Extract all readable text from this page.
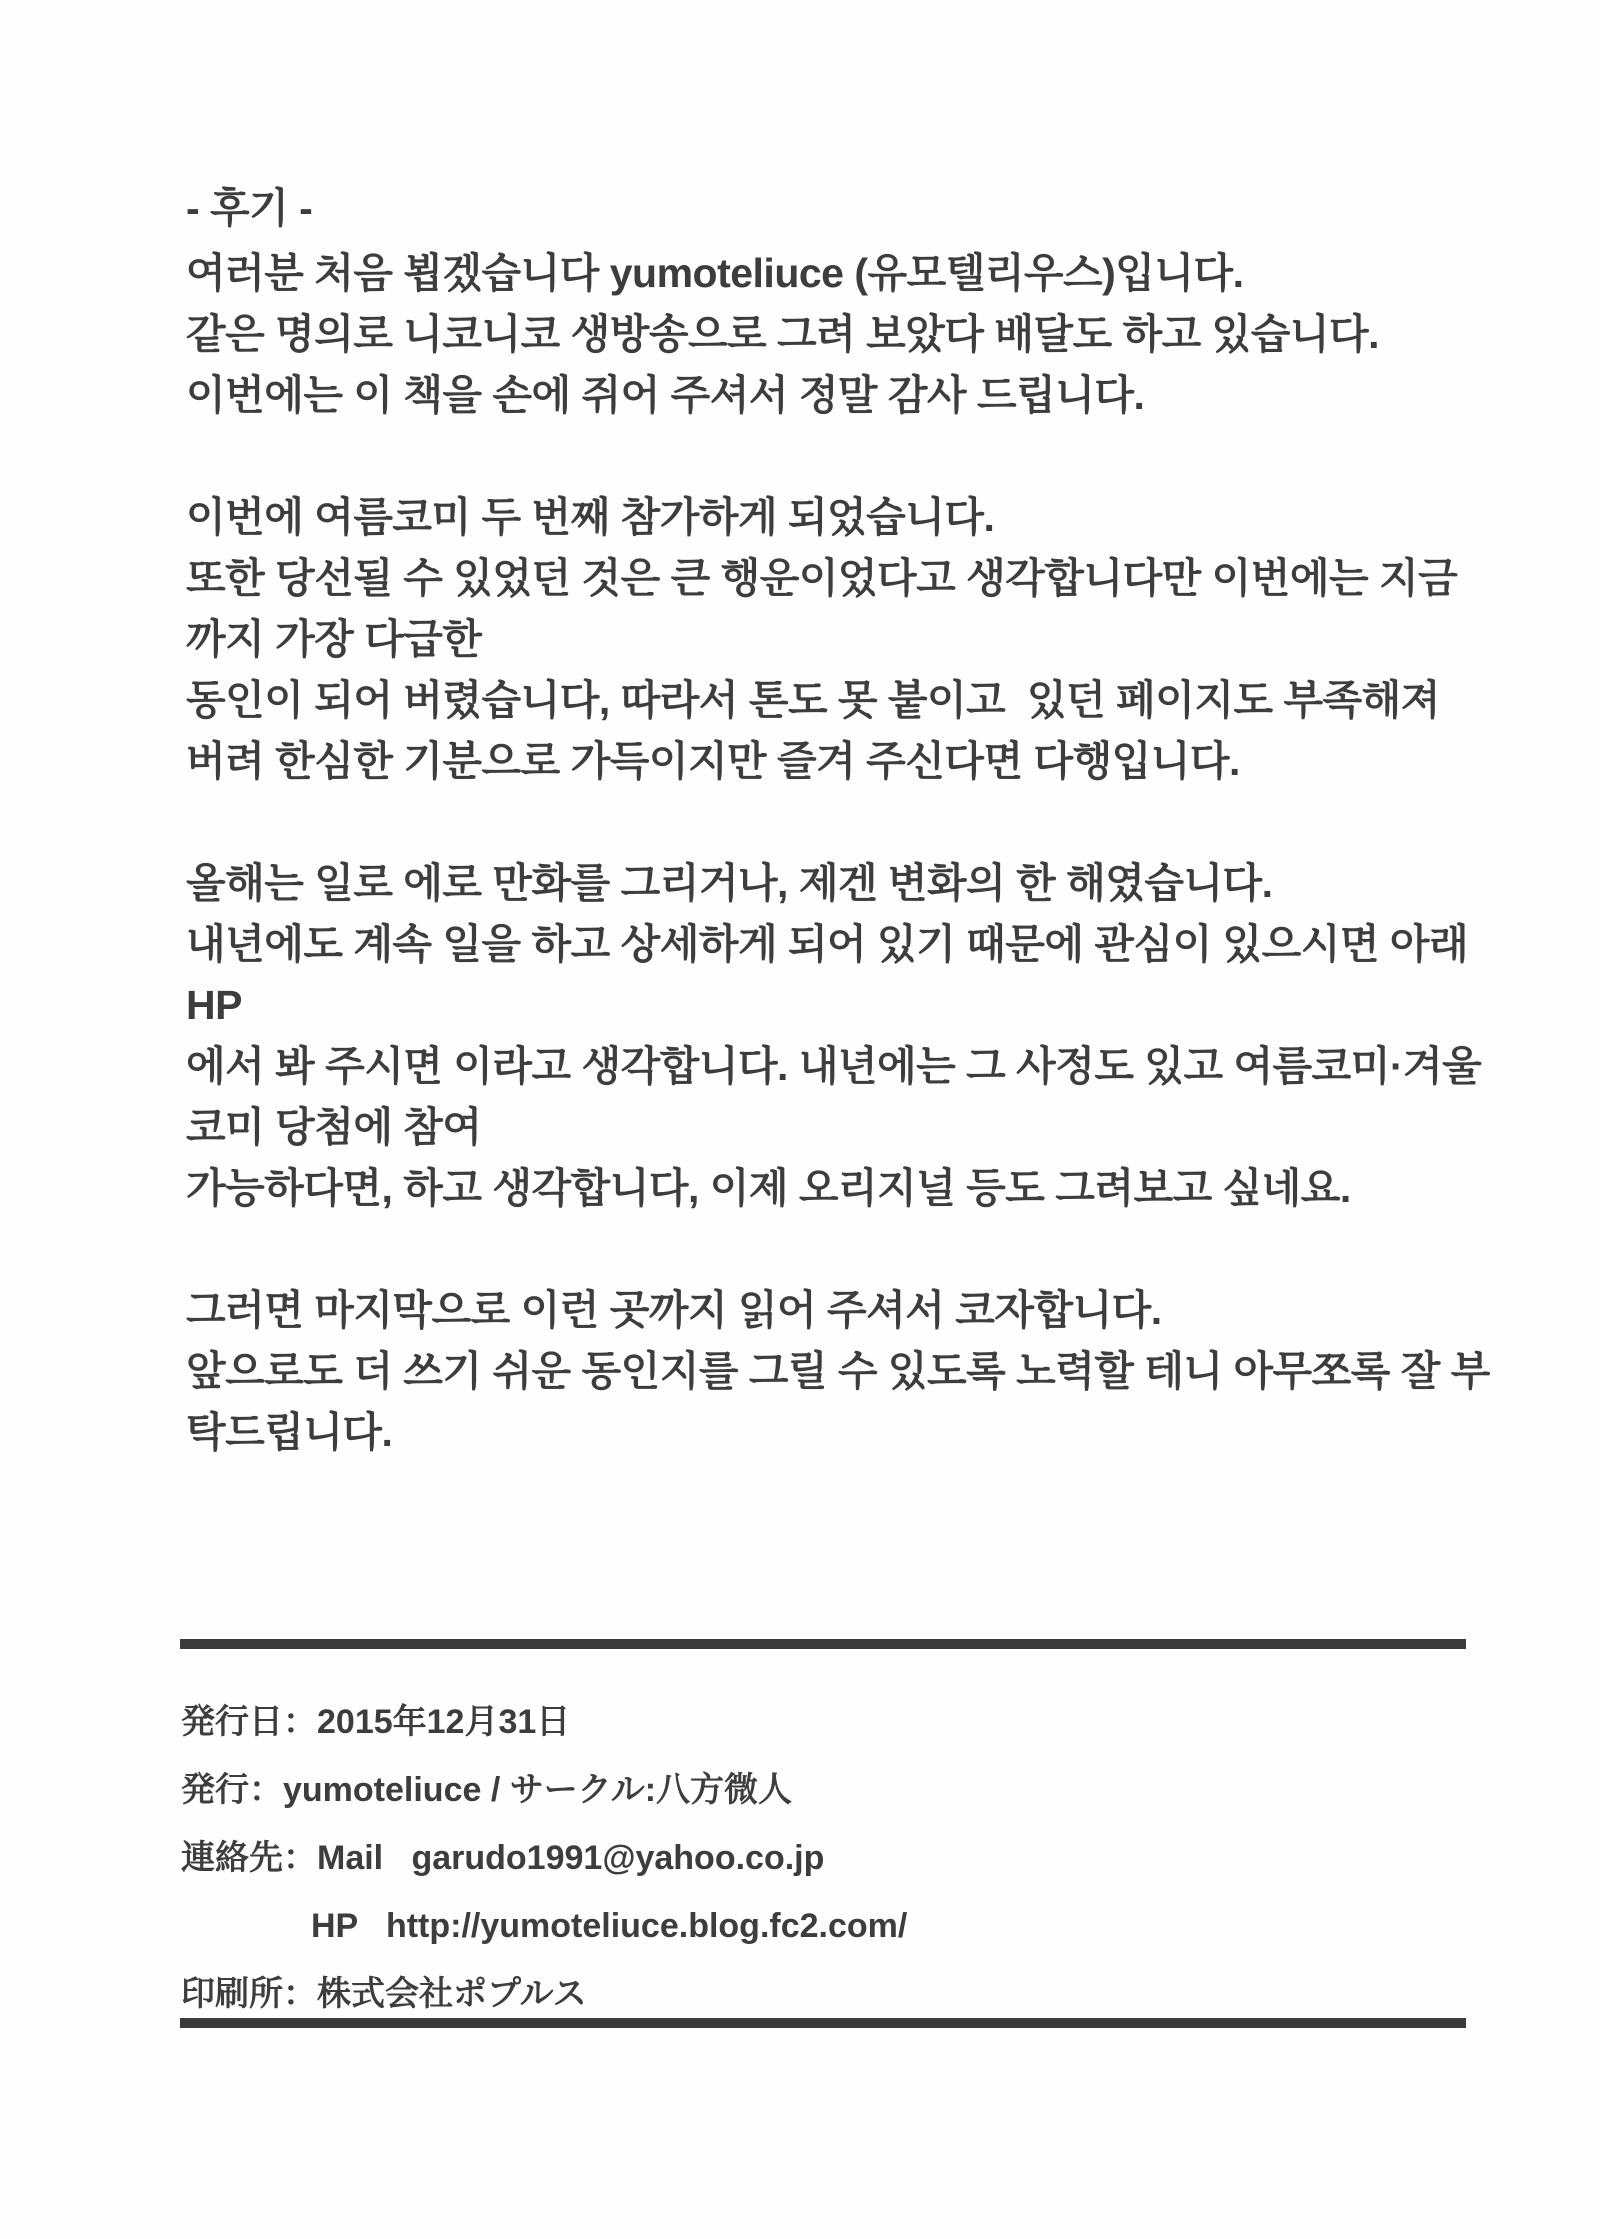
- 후기 -

여러분 처음 뵙겠습니다 yumoteliuce (유모텔리우스)입니다.
같은 명의로 니코니코 생방송으로 그려 보았다 배달도 하고 있습니다.
이번에는 이 책을 손에 쥐어 주셔서 정말 감사 드립니다.
이번에 여름코미 두 번째 참가하게 되었습니다.
또한 당선될 수 있었던 것은 큰 행운이었다고 생각합니다만 이번에는 지금까지 가장 다급한
동인이 되어 버렸습니다, 따라서 톤도 못 붙이고  있던 페이지도 부족해져
버려 한심한 기분으로 가득이지만 즐겨 주신다면 다행입니다.
올해는 일로 에로 만화를 그리거나, 제겐 변화의 한 해였습니다.
내년에도 계속 일을 하고 상세하게 되어 있기 때문에 관심이 있으시면 아래 HP
에서 봐 주시면 이라고 생각합니다. 내년에는 그 사정도 있고 여름코미·겨울코미 당첨에 참여
가능하다면, 하고 생각합니다, 이제 오리지널 등도 그려보고 싶네요.
그러면 마지막으로 이런 곳까지 읽어 주셔서 코자합니다.
앞으로도 더 쓰기 쉬운 동인지를 그릴 수 있도록 노력할 테니 아무쪼록 잘 부탁드립니다.
発行日：2015年12月31日
発行：yumoteliuce / サークル:八方微人
連絡先：Mail   garudo1991@yahoo.co.jp
HP   http://yumoteliuce.blog.fc2.com/
印刷所：株式会社ポプルス
